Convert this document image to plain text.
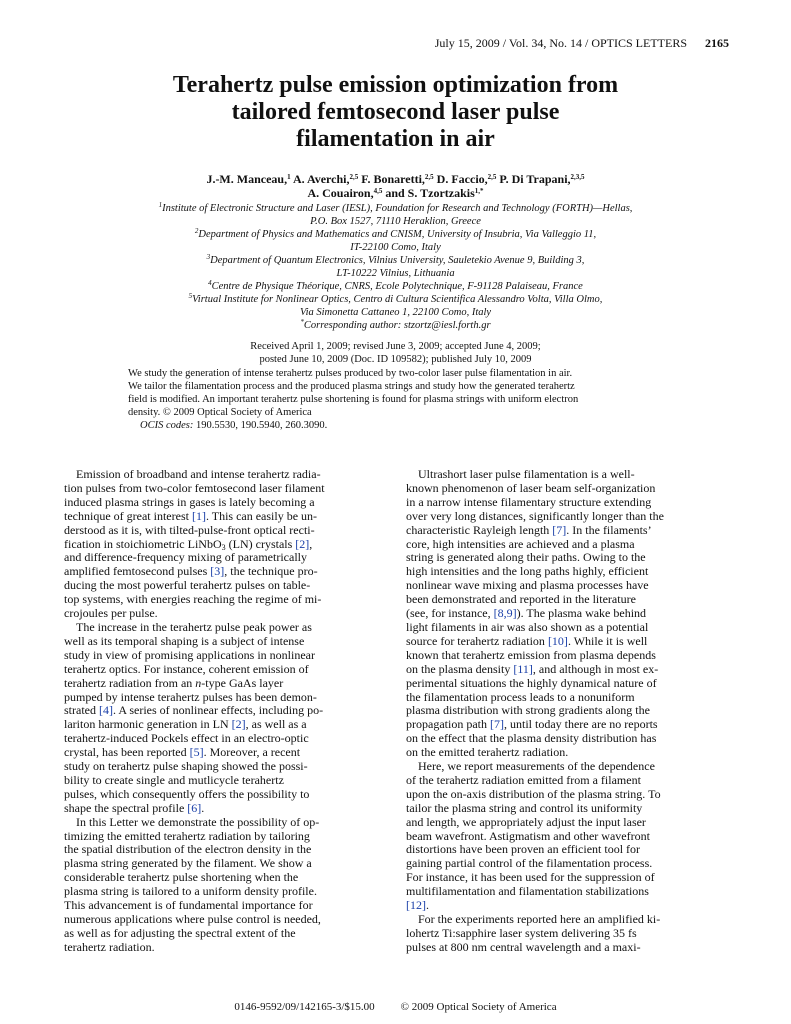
July 15, 2009 / Vol. 34, No. 14 / OPTICS LETTERS 2165
Terahertz pulse emission optimization from
tailored femtosecond laser pulse
filamentation in air
J.-M. Manceau,$^1$ A. Averchi,$^{2,5}$ F. Bonaretti,$^{2,5}$ D. Faccio,$^{2,5}$ P. Di Trapani,$^{2,3,5}$
A. Couairon,$^{4,5}$ and S. Tzortzakis$^{1,*}$
$^1$Institute of Electronic Structure and Laser (IESL), Foundation for Research and Technology (FORTH)—Hellas,
P.O. Box 1527, 71110 Heraklion, Greece
$^2$Department of Physics and Mathematics and CNISM, University of Insubria, Via Valleggio 11,
IT-22100 Como, Italy
$^3$Department of Quantum Electronics, Vilnius University, Sauletekio Avenue 9, Building 3,
LT-10222 Vilnius, Lithuania
$^4$Centre de Physique Théorique, CNRS, Ecole Polytechnique, F-91128 Palaiseau, France
$^5$Virtual Institute for Nonlinear Optics, Centro di Cultura Scientifica Alessandro Volta, Villa Olmo,
Via Simonetta Cattaneo 1, 22100 Como, Italy
*Corresponding author: stzortz@iesl.forth.gr
Received April 1, 2009; revised June 3, 2009; accepted June 4, 2009;
posted June 10, 2009 (Doc. ID 109582); published July 10, 2009
We study the generation of intense terahertz pulses produced by two-color laser pulse filamentation in air.
We tailor the filamentation process and the produced plasma strings and study how the generated terahertz
field is modified. An important terahertz pulse shortening is found for plasma strings with uniform electron
density. © 2009 Optical Society of America
OCIS codes: 190.5530, 190.5940, 260.3090.
Emission of broadband and intense terahertz radia-
tion pulses from two-color femtosecond laser filament
induced plasma strings in gases is lately becoming a
technique of great interest [1]. This can easily be un-
derstood as it is, with tilted-pulse-front optical recti-
fication in stoichiometric LiNbO$_3$ (LN) crystals [2],
and difference-frequency mixing of parametrically
amplified femtosecond pulses [3], the technique pro-
ducing the most powerful terahertz pulses on table-
top systems, with energies reaching the regime of mi-
crojoules per pulse.
The increase in the terahertz pulse peak power as
well as its temporal shaping is a subject of intense
study in view of promising applications in nonlinear
terahertz optics. For instance, coherent emission of
terahertz radiation from an n-type GaAs layer
pumped by intense terahertz pulses has been demon-
strated [4]. A series of nonlinear effects, including po-
lariton harmonic generation in LN [2], as well as a
terahertz-induced Pockels effect in an electro-optic
crystal, has been reported [5]. Moreover, a recent
study on terahertz pulse shaping showed the possi-
bility to create single and mutlicycle terahertz
pulses, which consequently offers the possibility to
shape the spectral profile [6].
In this Letter we demonstrate the possibility of op-
timizing the emitted terahertz radiation by tailoring
the spatial distribution of the electron density in the
plasma string generated by the filament. We show a
considerable terahertz pulse shortening when the
plasma string is tailored to a uniform density profile.
This advancement is of fundamental importance for
numerous applications where pulse control is needed,
as well as for adjusting the spectral extent of the
terahertz radiation.
Ultrashort laser pulse filamentation is a well-
known phenomenon of laser beam self-organization
in a narrow intense filamentary structure extending
over very long distances, significantly longer than the
characteristic Rayleigh length [7]. In the filaments’
core, high intensities are achieved and a plasma
string is generated along their paths. Owing to the
high intensities and the long paths highly, efficient
nonlinear wave mixing and plasma processes have
been demonstrated and reported in the literature
(see, for instance, [8,9]). The plasma wake behind
light filaments in air was also shown as a potential
source for terahertz radiation [10]. While it is well
known that terahertz emission from plasma depends
on the plasma density [11], and although in most ex-
perimental situations the highly dynamical nature of
the filamentation process leads to a nonuniform
plasma distribution with strong gradients along the
propagation path [7], until today there are no reports
on the effect that the plasma density distribution has
on the emitted terahertz radiation.
Here, we report measurements of the dependence
of the terahertz radiation emitted from a filament
upon the on-axis distribution of the plasma string. To
tailor the plasma string and control its uniformity
and length, we appropriately adjust the input laser
beam wavefront. Astigmatism and other wavefront
distortions have been proven an efficient tool for
gaining partial control of the filamentation process.
For instance, it has been used for the suppression of
multifilamentation and filamentation stabilizations
[12].
For the experiments reported here an amplified ki-
lohertz Ti:sapphire laser system delivering 35 fs
pulses at 800 nm central wavelength and a maxi-
0146-9592/09/142165-3/$15.00 © 2009 Optical Society of America
